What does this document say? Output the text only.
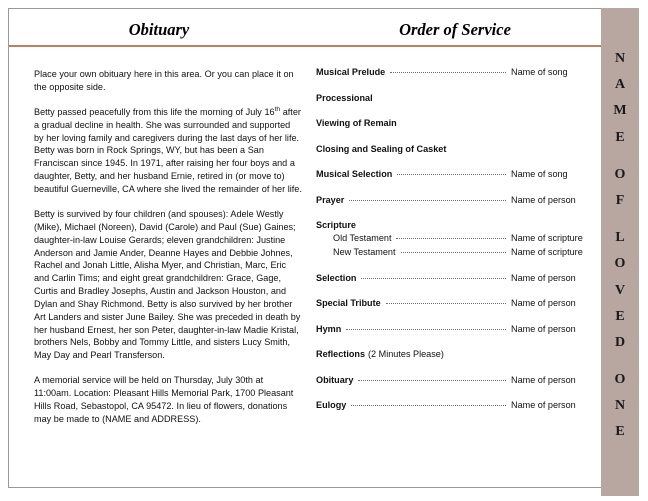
Obituary	Order of Service

Place your own obituary here in this area. Or you can place it on the opposite side.

Betty passed peacefully from this life the morning of July 16th after a gradual decline in health. She was surrounded and supported by her loving family and caregivers during the last days of her life. Betty was born in Rock Springs, WY, but has been a San Franciscan since 1945. In 1971, after raising her four boys and a daughter, Betty, and her husband Ernie, retired in (or move to) beautiful Guerneville, CA where she lived the remainder of her life.

Betty is survived by four children (and spouses): Adele Westly (Mike), Michael (Noreen), David (Carole) and Paul (Sue) Gaines; daughter-in-law Louise Gerards; eleven grandchildren: Justine Anderson and Jamie Ander, Deanne Hayes and Debbie Johnes, Rachel and Jonah Little, Alisha Myer, and Christian, Marc, Eric and Carlin Tims; and eight great grandchildren: Grace, Gage, Curtis and Bradley Josephs, Austin and Jackson Houston, and Dylan and Shay Richmond. Betty is also survived by her brother Art Landers and sister June Bailey. She was preceded in death by her husband Ernest, her son Peter, daughter-in-law Madie Kristal, brothers Nels, Bobby and Tommy Little, and sisters Lucy Smith, May Day and Pearl Transferson.

A memorial service will be held on Thursday, July 30th at 11:00am. Location: Pleasant Hills Memorial Park, 1700 Pleasant Hills Road, Sebastopol, CA 95472. In lieu of flowers, donations may be made to (NAME and ADDRESS).

Musical Prelude	Name of song
Processional
Viewing of Remain
Closing and Sealing of Casket
Musical Selection	Name of song
Prayer	Name of person
Scripture
Old Testament	Name of scripture
New Testament	Name of scripture
Selection	Name of person
Special Tribute	Name of person
Hymn	Name of person
Reflections (2 Minutes Please)
Obituary	Name of person
Eulogy	Name of person
N
A
M
E
O
F
L
O
V
E
D
O
N
E
